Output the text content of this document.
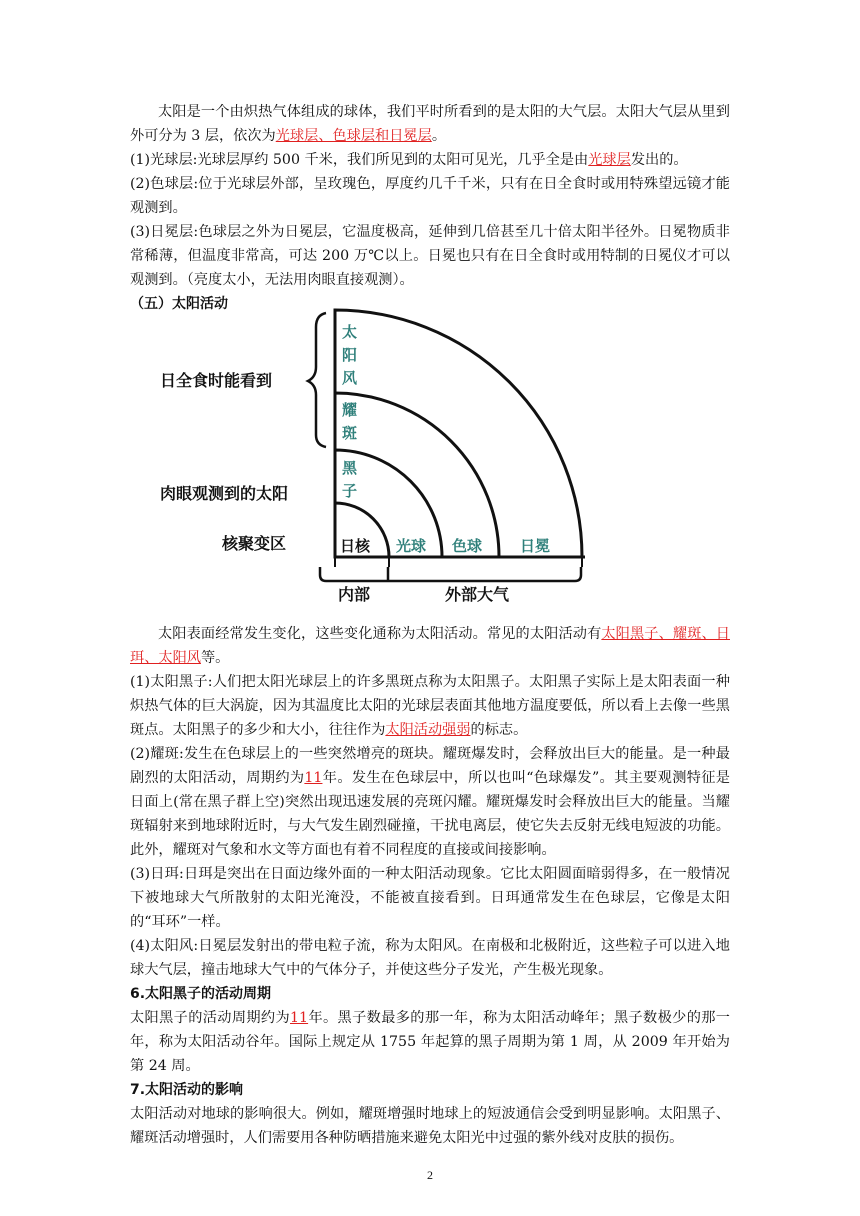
太阳是一个由炽热气体组成的球体，我们平时所看到的是太阳的大气层。太阳大气层从里到外可分为 3 层，依次为光球层、色球层和日冕层。

(1)光球层:光球层厚约 500 千米，我们所见到的太阳可见光，几乎全是由光球层发出的。

(2)色球层:位于光球层外部，呈玫瑰色，厚度约几千千米，只有在日全食时或用特殊望远镜才能观测到。

(3)日冕层:色球层之外为日冕层，它温度极高，延伸到几倍甚至几十倍太阳半径外。日冕物质非常稀薄，但温度非常高，可达 200 万℃以上。日冕也只有在日全食时或用特制的日冕仪才可以观测到。（亮度太小，无法用肉眼直接观测）。

（五）太阳活动

太阳表面经常发生变化，这些变化通称为太阳活动。常见的太阳活动有太阳黑子、耀斑、日珥、太阳风等。

(1)太阳黑子:人们把太阳光球层上的许多黑斑点称为太阳黑子。太阳黑子实际上是太阳表面一种炽热气体的巨大涡旋，因为其温度比太阳的光球层表面其他地方温度要低，所以看上去像一些黑斑点。太阳黑子的多少和大小，往往作为太阳活动强弱的标志。

(2)耀斑:发生在色球层上的一些突然增亮的斑块。耀斑爆发时，会释放出巨大的能量。是一种最剧烈的太阳活动，周期约为11年。发生在色球层中，所以也叫“色球爆发”。其主要观测特征是日面上(常在黑子群上空)突然出现迅速发展的亮斑闪耀。耀斑爆发时会释放出巨大的能量。当耀斑辐射来到地球附近时，与大气发生剧烈碰撞，干扰电离层，使它失去反射无线电短波的功能。此外，耀斑对气象和水文等方面也有着不同程度的直接或间接影响。

(3)日珥:日珥是突出在日面边缘外面的一种太阳活动现象。它比太阳圆面暗弱得多，在一般情况下被地球大气所散射的太阳光淹没，不能被直接看到。日珥通常发生在色球层，它像是太阳的“耳环”一样。

(4)太阳风:日冕层发射出的带电粒子流，称为太阳风。在南极和北极附近，这些粒子可以进入地球大气层，撞击地球大气中的气体分子，并使这些分子发光，产生极光现象。

6.太阳黑子的活动周期

太阳黑子的活动周期约为11年。黑子数最多的那一年，称为太阳活动峰年；黑子数极少的那一年，称为太阳活动谷年。国际上规定从 1755 年起算的黑子周期为第 1 周，从 2009 年开始为第 24 周。

7.太阳活动的影响

太阳活动对地球的影响很大。例如，耀斑增强时地球上的短波通信会受到明显影响。太阳黑子、耀斑活动增强时，人们需要用各种防晒措施来避免太阳光中过强的紫外线对皮肤的损伤。

日全食时能看到
肉眼观测到的太阳
核聚变区
太
阳
风
耀
斑
黑
子
日核 光球 色球	日冕
内部	外部大气
2
